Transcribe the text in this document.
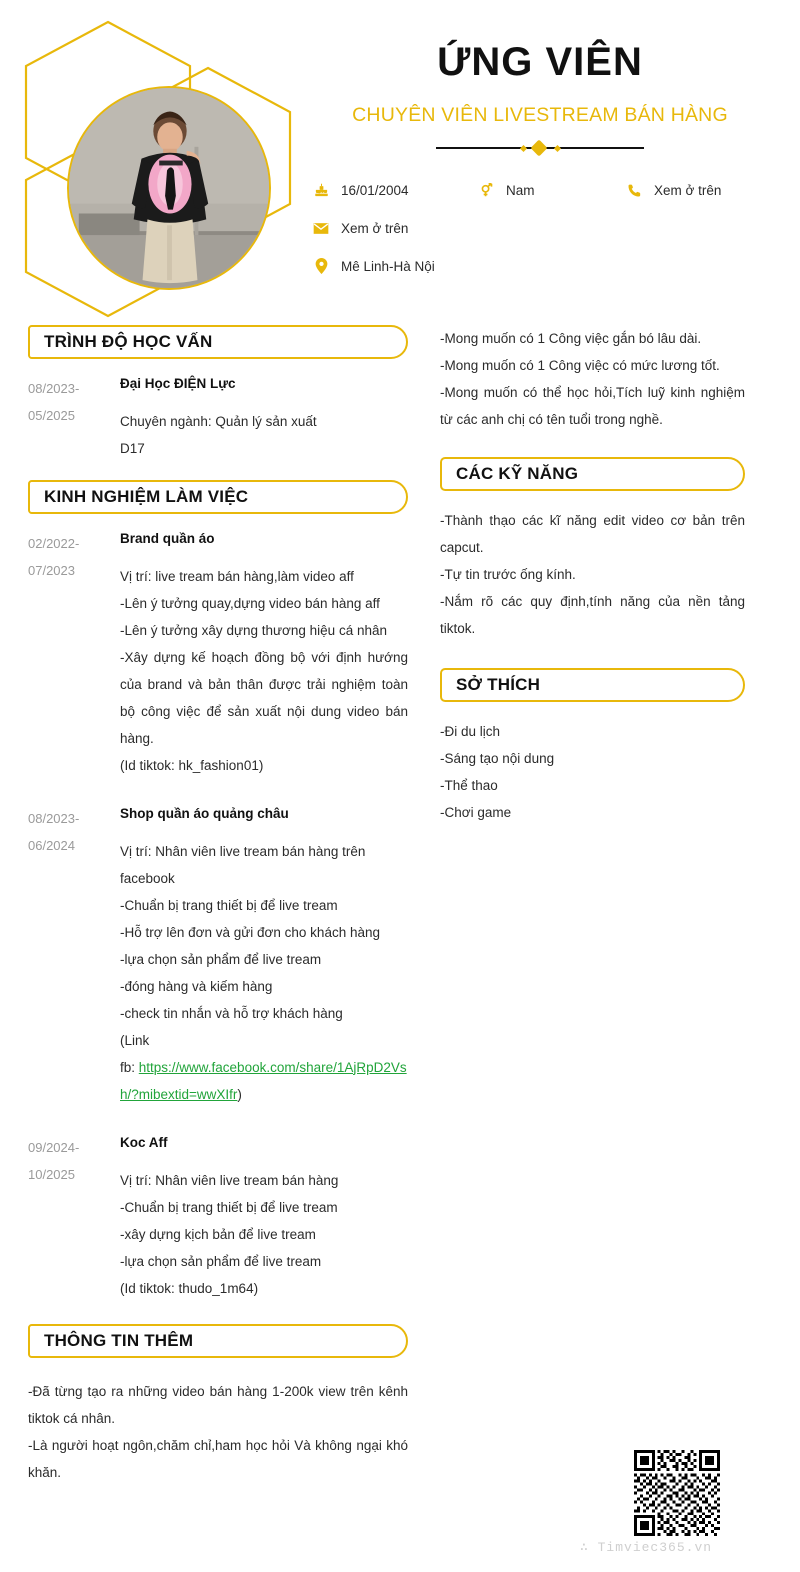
ỨNG VIÊN
CHUYÊN VIÊN LIVESTREAM BÁN HÀNG
16/01/2004	Nam	Xem ở trên
Xem ở trên
Mê Linh-Hà Nội
TRÌNH ĐỘ HỌC VẤN
08/2023-05/2025
Đại Học ĐIỆN Lực
Chuyên ngành: Quản lý sản xuất
D17
KINH NGHIỆM LÀM VIỆC
02/2022-07/2023
Brand quần áo
Vị trí: live tream bán hàng,làm video aff
-Lên ý tưởng quay,dựng video bán hàng aff
-Lên ý tưởng xây dựng thương hiệu cá nhân
-Xây dựng kế hoạch đồng bộ với định hướng của brand và bản thân được trải nghiệm toàn bộ công việc để sản xuất nội dung video bán hàng.
(Id tiktok: hk_fashion01)
08/2023-06/2024
Shop quần áo quảng châu
Vị trí: Nhân viên live tream bán hàng trên facebook
-Chuẩn bị trang thiết bị để live tream
-Hỗ trợ lên đơn và gửi đơn cho khách hàng
-lựa chọn sản phẩm để live tream
-đóng hàng và kiếm hàng
-check tin nhắn và hỗ trợ khách hàng
(Link
fb: https://www.facebook.com/share/1AjRpD2Vsh/?mibextid=wwXIfr)
09/2024-10/2025
Koc Aff
Vị trí: Nhân viên live tream bán hàng
-Chuẩn bị trang thiết bị để live tream
-xây dựng kịch bản để live tream
-lựa chọn sản phẩm để live tream
(Id tiktok: thudo_1m64)
THÔNG TIN THÊM
-Đã từng tạo ra những video bán hàng 1-200k view trên kênh tiktok cá nhân.
-Là người hoạt ngôn,chăm chỉ,ham học hỏi Và không ngại khó khăn.
-Mong muốn có 1 Công việc gắn bó lâu dài.
-Mong muốn có 1 Công việc có mức lương tốt.
-Mong muốn có thể học hỏi,Tích luỹ kinh nghiệm từ các anh chị có tên tuổi trong nghề.
CÁC KỸ NĂNG
-Thành thạo các kĩ năng edit video cơ bản trên capcut.
-Tự tin trước ống kính.
-Nắm rõ các quy định,tính năng của nền tảng tiktok.
SỞ THÍCH
-Đi du lịch
-Sáng tạo nội dung
-Thể thao
-Chơi game
∴ Timviec365.vn
